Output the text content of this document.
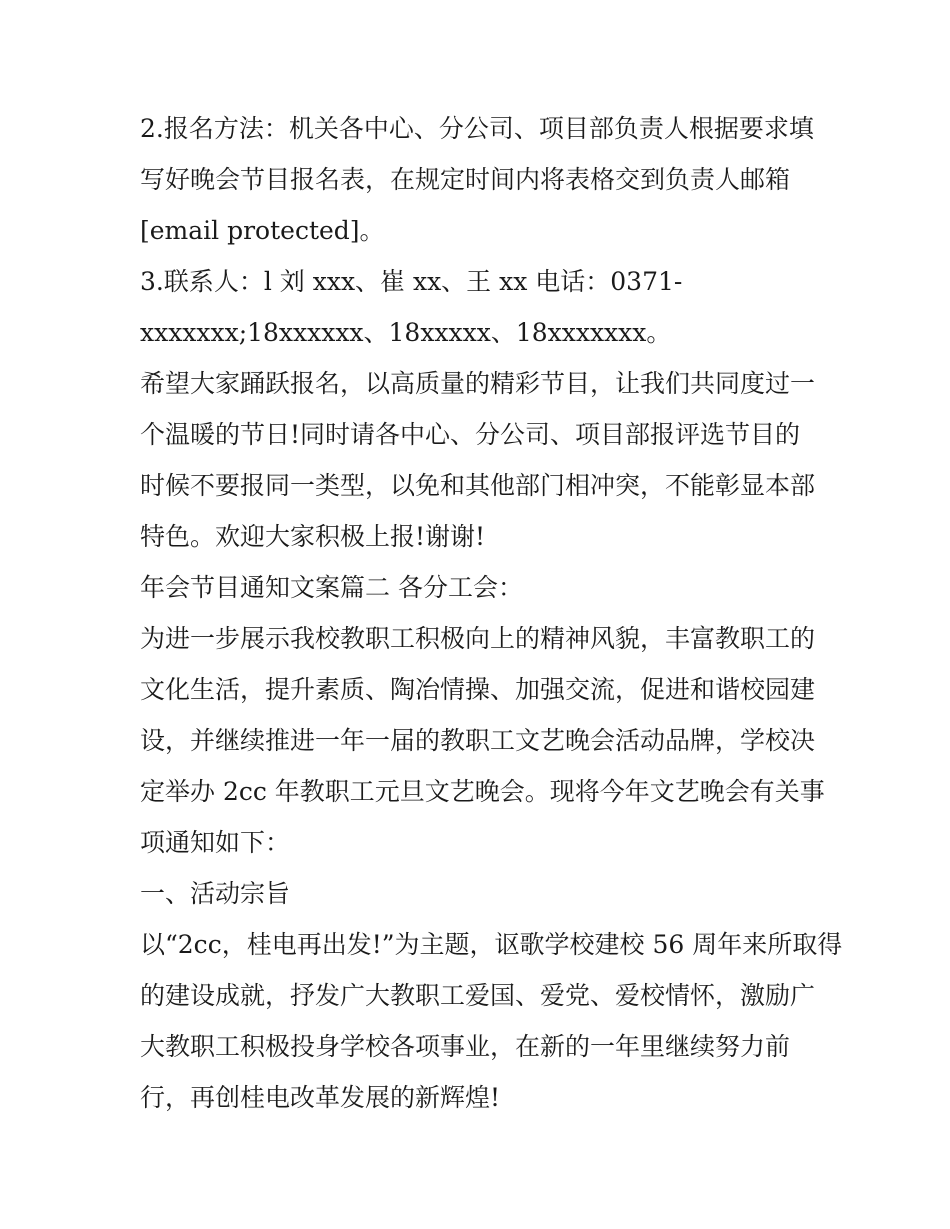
2.报名方法：机关各中心、分公司、项目部负责人根据要求填
写好晚会节目报名表，在规定时间内将表格交到负责人邮箱
[email protected]。
3.联系人：l 刘 xxx、崔 xx、王 xx 电话：0371-
xxxxxxx;18xxxxxx、18xxxxx、18xxxxxxx。
希望大家踊跃报名，以高质量的精彩节目，让我们共同度过一
个温暖的节日!同时请各中心、分公司、项目部报评选节目的
时候不要报同一类型，以免和其他部门相冲突，不能彰显本部
特色。欢迎大家积极上报!谢谢!
年会节目通知文案篇二 各分工会：
为进一步展示我校教职工积极向上的精神风貌，丰富教职工的
文化生活，提升素质、陶冶情操、加强交流，促进和谐校园建
设，并继续推进一年一届的教职工文艺晚会活动品牌，学校决
定举办 2cc 年教职工元旦文艺晚会。现将今年文艺晚会有关事
项通知如下：
一、活动宗旨
以“2cc，桂电再出发!”为主题，讴歌学校建校 56 周年来所取得
的建设成就，抒发广大教职工爱国、爱党、爱校情怀，激励广
大教职工积极投身学校各项事业，在新的一年里继续努力前
行，再创桂电改革发展的新辉煌!
